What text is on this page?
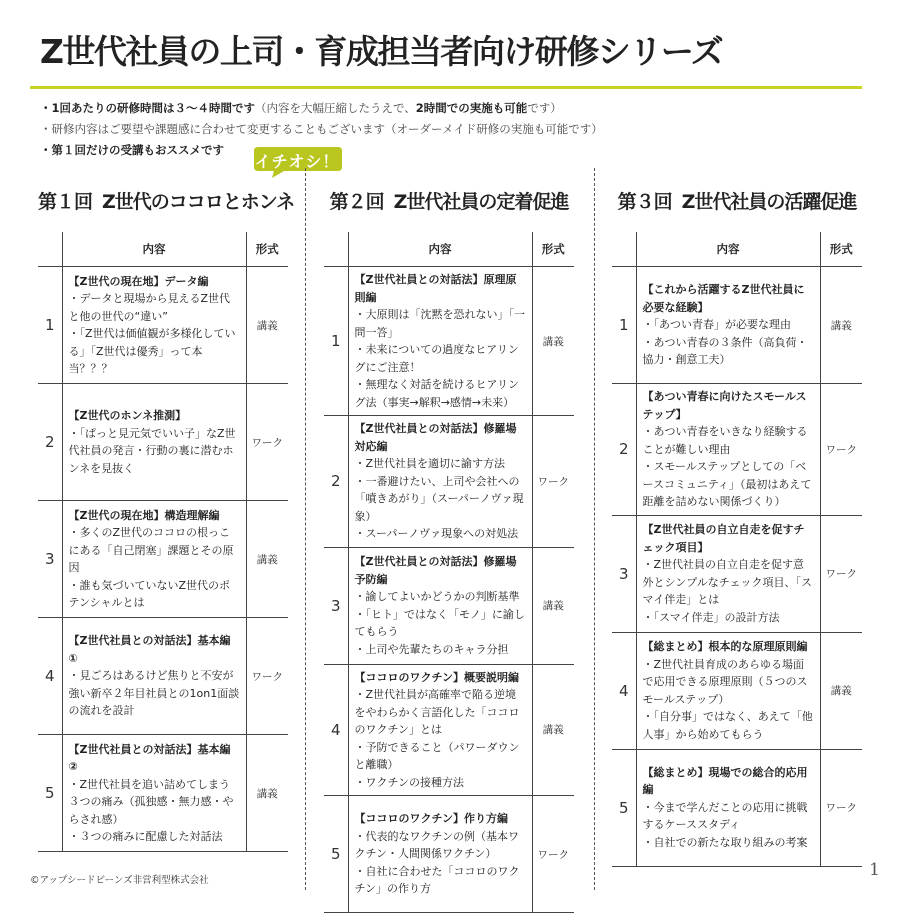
Z世代社員の上司・育成担当者向け研修シリーズ
・1回あたりの研修時間は３～４時間です（内容を大幅圧縮したうえで、2時間での実施も可能です）
・研修内容はご要望や課題感に合わせて変更することもございます（オーダーメイド研修の実施も可能です）
・第１回だけの受講もおススメです
イチオシ！
第１回 Z世代のココロとホンネ
	内容	形式
1	【Z世代の現在地】データ編
・データと現場から見えるZ世代と他の世代の“違い”
・「Z世代は価値観が多様化している」「Z世代は優秀」って本当？？？	講義
2	【Z世代のホンネ推測】
・「ぱっと見元気でいい子」なZ世代社員の発言・行動の裏に潜むホンネを見抜く	ワーク
3	【Z世代の現在地】構造理解編
・多くのZ世代のココロの根っこにある「自己閉塞」課題とその原因
・誰も気づいていないZ世代のポテンシャルとは	講義
4	【Z世代社員との対話法】基本編①
・見ごろはあるけど焦りと不安が強い新卒２年目社員との1on1面談の流れを設計	ワーク
5	【Z世代社員との対話法】基本編②
・Z世代社員を追い詰めてしまう３つの痛み（孤独感・無力感・やらされ感）
・３つの痛みに配慮した対話法	講義
第２回 Z世代社員の定着促進
	内容	形式
1	【Z世代社員との対話法】原理原則編
・大原則は「沈黙を恐れない」「一問一答」
・未来についての過度なヒアリングにご注意！
・無理なく対話を続けるヒアリング法（事実→解釈→感情→未来）	講義
2	【Z世代社員との対話法】修羅場対応編
・Z世代社員を適切に諭す方法
・一番避けたい、上司や会社への「噴きあがり」（スーパーノヴァ現象）
・スーパーノヴァ現象への対処法	ワーク
3	【Z世代社員との対話法】修羅場予防編
・諭してよいかどうかの判断基準
・「ヒト」ではなく「モノ」に諭してもらう
・上司や先輩たちのキャラ分担	講義
4	【ココロのワクチン】概要説明編
・Z世代社員が高確率で陥る逆境をやわらかく言語化した「ココロのワクチン」とは
・予防できること（パワーダウンと離職）
・ワクチンの接種方法	講義
5	【ココロのワクチン】作り方編
・代表的なワクチンの例（基本ワクチン・人間関係ワクチン）
・自社に合わせた「ココロのワクチン」の作り方	ワーク
第３回 Z世代社員の活躍促進
	内容	形式
1	【これから活躍するZ世代社員に必要な経験】
・「あつい青春」が必要な理由
・あつい青春の３条件（高負荷・協力・創意工夫）	講義
2	【あつい青春に向けたスモールステップ】
・あつい青春をいきなり経験することが難しい理由
・スモールステップとしての「ベースコミュニティ」（最初はあえて距離を詰めない関係づくり）	ワーク
3	【Z世代社員の自立自走を促すチェック項目】
・Z世代社員の自立自走を促す意外とシンプルなチェック項目、「スマイ伴走」とは
・「スマイ伴走」の設計方法	ワーク
4	【総まとめ】根本的な原理原則編
・Z世代社員育成のあらゆる場面で応用できる原理原則（５つのスモールステップ）
・「自分事」ではなく、あえて「他人事」から始めてもらう	講義
5	【総まとめ】現場での総合的応用編
・今まで学んだことの応用に挑戦するケーススタディ
・自社での新たな取り組みの考案	ワーク
©アップシードビーンズ非営利型株式会社
1
